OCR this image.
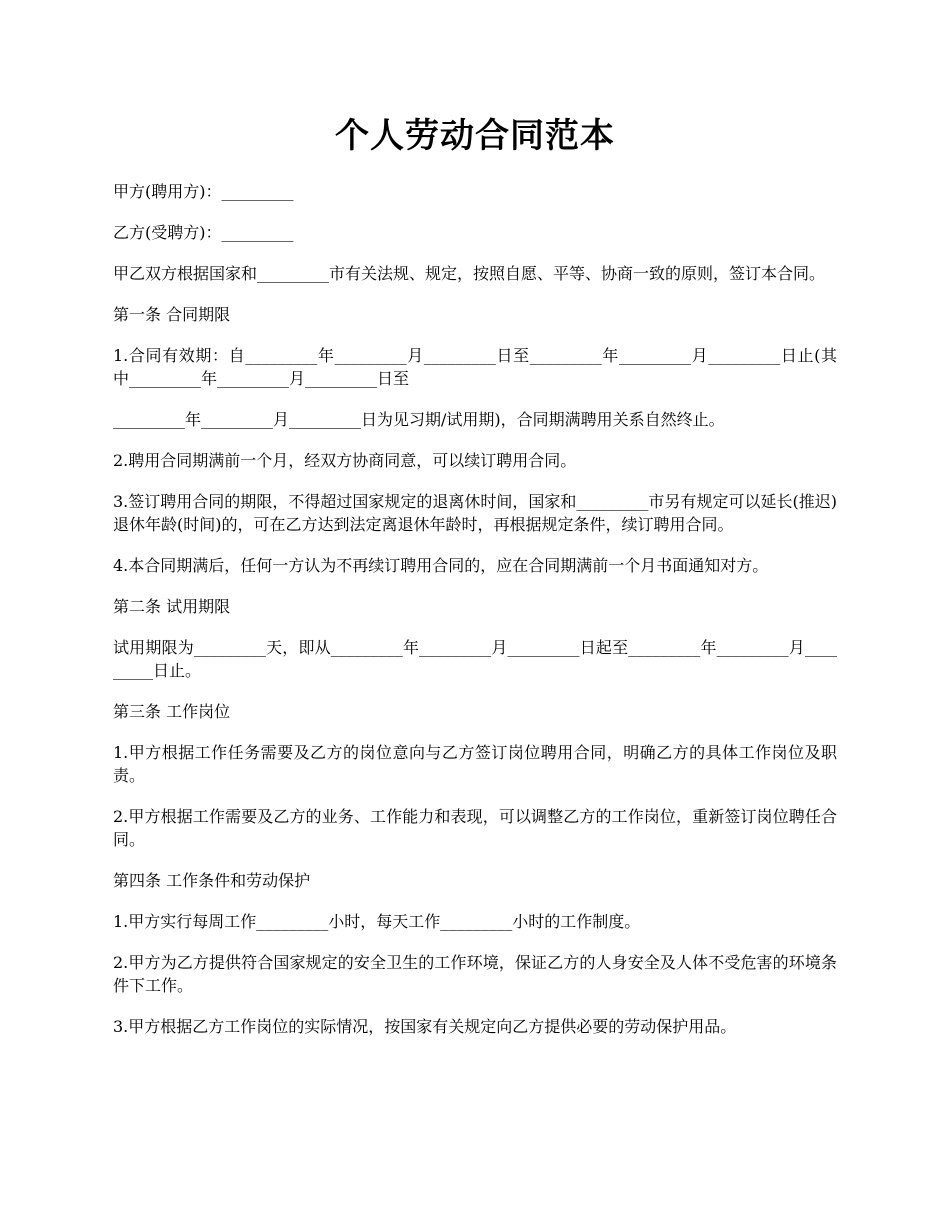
个人劳动合同范本

甲方(聘用方)：_________

乙方(受聘方)：_________

甲乙双方根据国家和_________市有关法规、规定，按照自愿、平等、协商一致的原则，签订本合同。

第一条 合同期限

1.合同有效期：自_________年_________月_________日至_________年_________月_________日止(其中_________年_________月_________日至

_________年_________月_________日为见习期/试用期)，合同期满聘用关系自然终止。

2.聘用合同期满前一个月，经双方协商同意，可以续订聘用合同。

3.签订聘用合同的期限，不得超过国家规定的退离休时间，国家和_________市另有规定可以延长(推迟)退休年龄(时间)的，可在乙方达到法定离退休年龄时，再根据规定条件，续订聘用合同。

4.本合同期满后，任何一方认为不再续订聘用合同的，应在合同期满前一个月书面通知对方。

第二条 试用期限

试用期限为_________天，即从_________年_________月_________日起至_________年_________月_________日止。

第三条 工作岗位

1.甲方根据工作任务需要及乙方的岗位意向与乙方签订岗位聘用合同，明确乙方的具体工作岗位及职责。

2.甲方根据工作需要及乙方的业务、工作能力和表现，可以调整乙方的工作岗位，重新签订岗位聘任合同。

第四条 工作条件和劳动保护

1.甲方实行每周工作_________小时，每天工作_________小时的工作制度。

2.甲方为乙方提供符合国家规定的安全卫生的工作环境，保证乙方的人身安全及人体不受危害的环境条件下工作。

3.甲方根据乙方工作岗位的实际情况，按国家有关规定向乙方提供必要的劳动保护用品。
